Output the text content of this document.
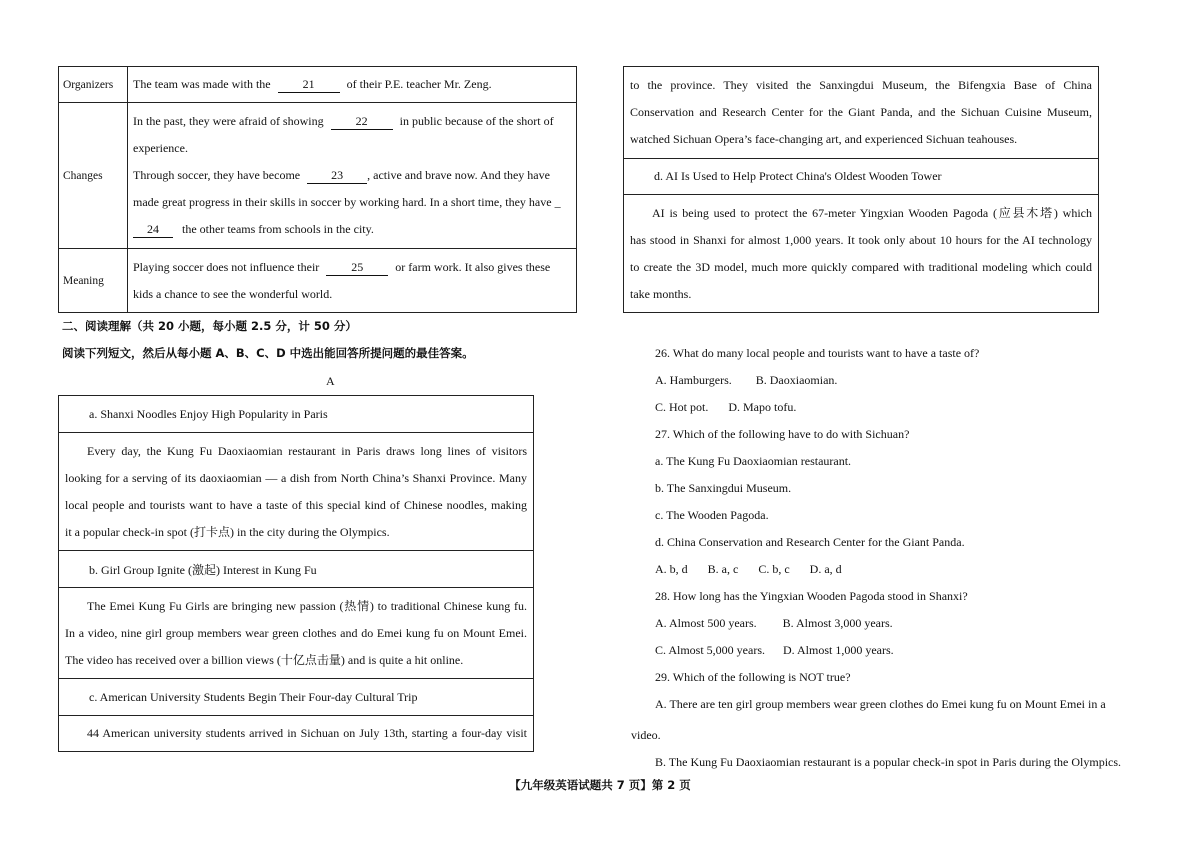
Organizers	The team was made with the 21 of their P.E. teacher Mr. Zeng.
Changes	In the past, they were afraid of showing 22 in public because of the short of
experience.
Through soccer, they have become 23 , active and brave now. And they have
made great progress in their skills in soccer by working hard. In a short time, they have _
24 the other teams from schools in the city.

Meaning	Playing soccer does not influence their 25 or farm work. It also gives these
kids a chance to see the wonderful world.
二、阅读理解（共 20 小题，每小题 2.5 分，计 50 分）
阅读下列短文，然后从每小题 A、B、C、D 中选出能回答所提问题的最佳答案。
A
a. Shanxi Noodles Enjoy High Popularity in Paris

Every day, the Kung Fu Daoxiaomian restaurant in Paris draws long lines of visitors
looking for a serving of its daoxiaomian — a dish from North China’s Shanxi Province. Many
local people and tourists want to have a taste of this special kind of Chinese noodles, making
it a popular check-in spot (打卡点) in the city during the Olympics.

b. Girl Group Ignite (激起) Interest in Kung Fu

The Emei Kung Fu Girls are bringing new passion (热情) to traditional Chinese kung fu.
In a video, nine girl group members wear green clothes and do Emei kung fu on Mount Emei.
The video has received over a billion views (十亿点击量) and is quite a hit online.

c. American University Students Begin Their Four-day Cultural Trip

44 American university students arrived in Sichuan on July 13th, starting a four-day visit
to the province. They visited the Sanxingdui Museum, the Bifengxia Base of China
Conservation and Research Center for the Giant Panda, and the Sichuan Cuisine Museum,
watched Sichuan Opera’s face-changing art, and experienced Sichuan teahouses.

d. AI Is Used to Help Protect China's Oldest Wooden Tower

AI is being used to protect the 67-meter Yingxian Wooden Pagoda (应县木塔) which
has stood in Shanxi for almost 1,000 years. It took only about 10 hours for the AI technology
to create the 3D model, much more quickly compared with traditional modeling which could
take months.
26. What do many local people and tourists want to have a taste of?
A. Hamburgers. B. Daoxiaomian.
C. Hot pot. D. Mapo tofu.
27. Which of the following have to do with Sichuan?
a. The Kung Fu Daoxiaomian restaurant.
b. The Sanxingdui Museum.
c. The Wooden Pagoda.
d. China Conservation and Research Center for the Giant Panda.
A. b, d B. a, c C. b, c D. a, d
28. How long has the Yingxian Wooden Pagoda stood in Shanxi?
A. Almost 500 years. B. Almost 3,000 years.
C. Almost 5,000 years. D. Almost 1,000 years.
29. Which of the following is NOT true?
A. There are ten girl group members wear green clothes do Emei kung fu on Mount Emei in a
video.
B. The Kung Fu Daoxiaomian restaurant is a popular check-in spot in Paris during the Olympics.
【九年级英语试题共 7 页】第 2 页
